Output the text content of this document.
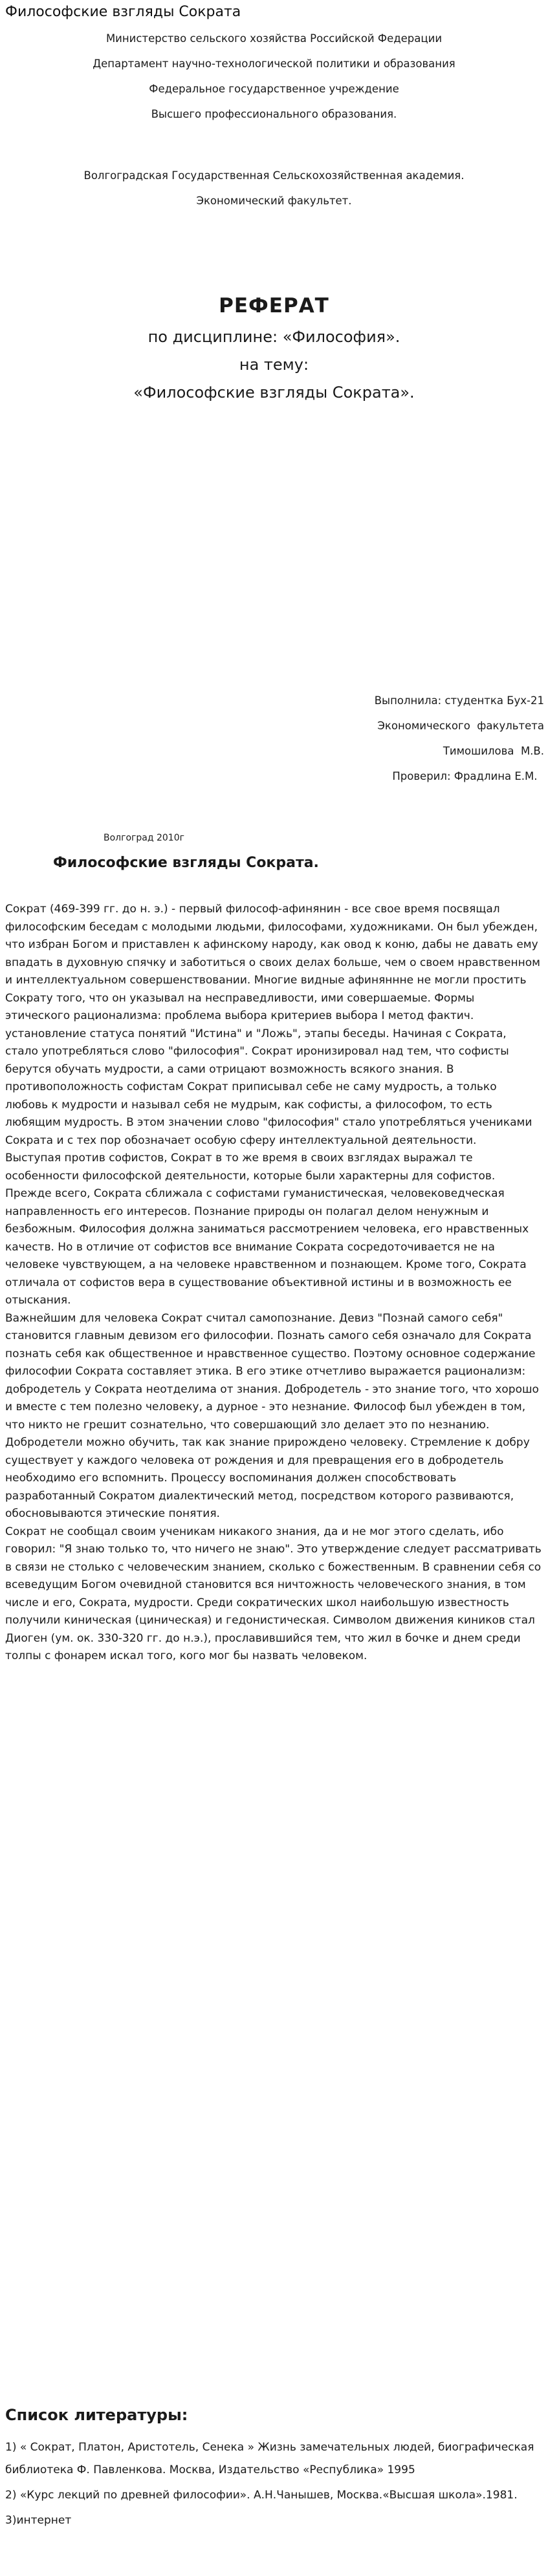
Философские взгляды Сократа
Министерство сельского хозяйства Российской Федерации
Департамент научно-технологической политики и образования
Федеральное государственное учреждение
Высшего профессионального образования.
Волгоградская Государственная Сельскохозяйственная академия.
Экономический факультет.
РЕФЕРАТ
по дисциплине: «Философия».
на тему:
«Философские взгляды Сократа».
Выполнила: студентка Бух-21
Экономического  факультета
Тимошилова  М.В.
Проверил: Фрадлина Е.М.
Волгоград 2010г
Философские взгляды Сократа.

Сократ (469-399 гг. до н. э.) - первый философ-афинянин - все свое время посвящал философским беседам с молодыми людьми, философами, художниками. Он был убежден, что избран Богом и приставлен к афинскому народу, как овод к коню, дабы не давать ему впадать в духовную спячку и заботиться о своих делах больше, чем о своем нравственном и интеллектуальном совершенствовании. Многие видные афиняннне не могли простить Сократу того, что он указывал на несправедливости, ими совершаемые. Формы этического рационализма: проблема выбора критериев выбора I метод фактич. установление статуса понятий "Истина" и "Ложь", этапы беседы. Начиная с Сократа, стало употребляться слово "философия". Сократ иронизировал над тем, что софисты берутся обучать мудрости, а сами отрицают возможность всякого знания. В противоположность софистам Сократ приписывал себе не саму мудрость, а только любовь к мудрости и называл себя не мудрым, как софисты, а философом, то есть любящим мудрость. В этом значении слово "философия" стало употребляться учениками Сократа и с тех пор обозначает особую сферу интеллектуальной деятельности.

Выступая против софистов, Сократ в то же время в своих взглядах выражал те особенности философской деятельности, которые были характерны для софистов. Прежде всего, Сократа сближала с софистами гуманистическая, человековедческая направленность его интересов. Познание природы он полагал делом ненужным и безбожным. Философия должна заниматься рассмотрением человека, его нравственных качеств. Но в отличие от софистов все внимание Сократа сосредоточивается не на человеке чувствующем, а на человеке нравственном и познающем. Кроме того, Сократа отличала от софистов вера в существование объективной истины и в возможность ее отыскания.

Важнейшим для человека Сократ считал самопознание. Девиз "Познай самого себя" становится главным девизом его философии. Познать самого себя означало для Сократа познать себя как общественное и нравственное существо. Поэтому основное содержание философии Сократа составляет этика. В его этике отчетливо выражается рационализм: добродетель у Сократа неотделима от знания. Добродетель - это знание того, что хорошо и вместе с тем полезно человеку, а дурное - это незнание. Философ был убежден в том, что никто не грешит сознательно, что совершающий зло делает это по незнанию. Добродетели можно обучить, так как знание прирождено человеку. Стремление к добру существует у каждого человека от рождения и для превращения его в добродетель необходимо его вспомнить. Процессу воспоминания должен способствовать разработанный Сократом диалектический метод, посредством которого развиваются, обосновываются этические понятия.

Сократ не сообщал своим ученикам никакого знания, да и не мог этого сделать, ибо говорил: "Я знаю только то, что ничего не знаю". Это утверждение следует рассматривать в связи не столько с человеческим знанием, сколько с божественным. В сравнении себя со всеведущим Богом очевидной становится вся ничтожность человеческого знания, в том числе и его, Сократа, мудрости. Среди сократических школ наибольшую известность получили киническая (циническая) и гедонистическая. Символом движения киников стал Диоген (ум. ок. 330-320 гг. до н.э.), прославившийся тем, что жил в бочке и днем среди толпы с фонарем искал того, кого мог бы назвать человеком.

Список литературы:

1) « Сократ, Платон, Аристотель, Сенека » Жизнь замечательных людей, биографическая библиотека Ф. Павленкова. Москва, Издательство «Республика» 1995

2) «Курс лекций по древней философии». А.Н.Чанышев, Москва.«Высшая школа».1981.

3)интернет
